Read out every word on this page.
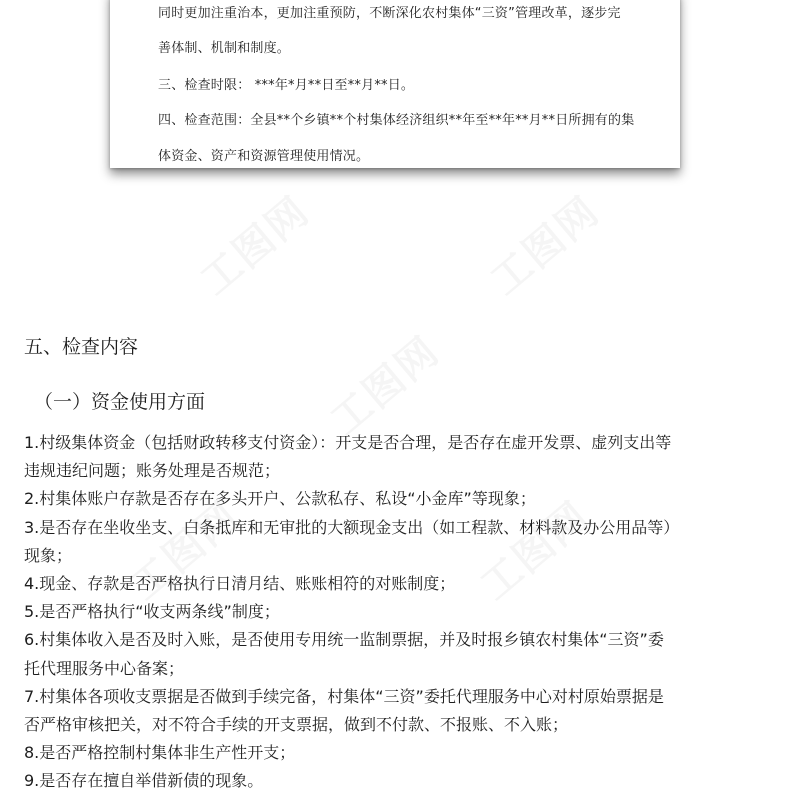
同时更加注重治本，更加注重预防，不断深化农村集体“三资”管理改革，逐步完
善体制、机制和制度。
三、检查时限： ***年*月**日至**月**日。
四、检查范围：全县**个乡镇**个村集体经济组织**年至**年**月**日所拥有的集
体资金、资产和资源管理使用情况。
工图网	工图网
工图网
工图网	工图网
五、检查内容
（一）资金使用方面
1.村级集体资金（包括财政转移支付资金）：开支是否合理，是否存在虚开发票、虚列支出等
违规违纪问题；账务处理是否规范；
2.村集体账户存款是否存在多头开户、公款私存、私设“小金库”等现象；
3.是否存在坐收坐支、白条抵库和无审批的大额现金支出（如工程款、材料款及办公用品等）
现象；
4.现金、存款是否严格执行日清月结、账账相符的对账制度；
5.是否严格执行“收支两条线”制度；
6.村集体收入是否及时入账，是否使用专用统一监制票据，并及时报乡镇农村集体“三资”委
托代理服务中心备案；
7.村集体各项收支票据是否做到手续完备，村集体“三资”委托代理服务中心对村原始票据是
否严格审核把关，对不符合手续的开支票据，做到不付款、不报账、不入账；
8.是否严格控制村集体非生产性开支；
9.是否存在擅自举借新债的现象。
